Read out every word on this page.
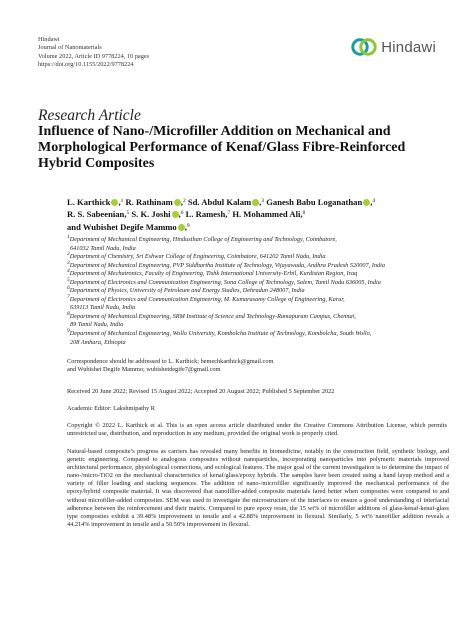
Hindawi
Journal of Nanomaterials
Volume 2022, Article ID 9778224, 10 pages
https://doi.org/10.1155/2022/9778224
Hindawi
Research Article
Influence of Nano-/Microfiller Addition on Mechanical and Morphological Performance of Kenaf/Glass Fibre-Reinforced Hybrid Composites
L. Karthick ,$^1$ R. Rathinam ,$^2$ Sd. Abdul Kalam ,$^3$ Ganesh Babu Loganathan ,$^4$
R. S. Sabeenian,$^5$ S. K. Joshi ,$^6$ L. Ramesh,$^7$ H. Mohammed Ali,$^8$
and Wubishet Degife Mammo ,$^9$
$^1$Department of Mechanical Engineering, Hindusthan College of Engineering and Technology, Coimbatore,
641032 Tamil Nadu, India
$^2$Department of Chemistry, Sri Eshwar College of Engineering, Coimbatore, 641202 Tamil Nadu, India
$^3$Department of Mechanical Engineering, PVP Siddhartha Institute of Technology, Vijayawada, Andhra Pradesh 520007, India
$^4$Department of Mechatronics, Faculty of Engineering, Tishk International University-Erbil, Kurdistan Region, Iraq
$^5$Department of Electronics and Communication Engineering, Sona College of Technology, Salem, Tamil Nadu 636005, India
$^6$Department of Physics, University of Petroleum and Energy Studies, Dehradun 248007, India
$^7$Department of Electronics and Communication Engineering, M. Kumarasamy College of Engineering, Karur,
639113 Tamil Nadu, India
$^8$Department of Mechanical Engineering, SRM Institute of Science and Technology-Ramapuram Campus, Chennai,
89 Tamil Nadu, India
$^9$Department of Mechanical Engineering, Wollo University, Kombolcha Institute of Technology, Kombolcha, South Wollo,
208 Amhara, Ethiopia
Correspondence should be addressed to L. Karthick; bemechkarthick@gmail.com
and Wubishet Degife Mammo; wubishetdegife7@gmail.com
Received 20 June 2022; Revised 15 August 2022; Accepted 20 August 2022; Published 5 September 2022
Academic Editor: Lakshmipathy R
Copyright © 2022 L. Karthick et al. This is an open access article distributed under the Creative Commons Attribution License, which permits unrestricted use, distribution, and reproduction in any medium, provided the original work is properly cited.
Natural-based composite’s progress as carriers has revealed many benefits in biomedicine, notably in the construction field, synthetic biology, and genetic engineering. Compared to analogous composites without nanoparticles, incorporating nanoparticles into polymeric materials improved architectural performance, physiological connections, and ecological features. The major goal of the current investigation is to determine the impact of nano-/micro-TiO2 on the mechanical characteristics of kenaf/glass/epoxy hybrids. The samples have been created using a hand layup method and a variety of filler loading and stacking sequences. The addition of nano-/microfiller significantly improved the mechanical performance of the epoxy/hybrid composite material. It was discovered that nanofiller-added composite materials fared better when composites were compared to and without microfiller-added composites. SEM was used to investigate the microstructure of the interfaces to ensure a good understanding of interfacial adherence between the reinforcement and their matrix. Compared to pure epoxy resin, the 15 wt% of microfiller additions of glass-kenaf-kenaf-glass type composites exhibit a 39.48% improvement in tensile and a 42.88% improvement in flexural. Similarly, 5 wt% nanofiller addition reveals a 44.214% improvement in tensile and a 50.50% improvement in flexural.
